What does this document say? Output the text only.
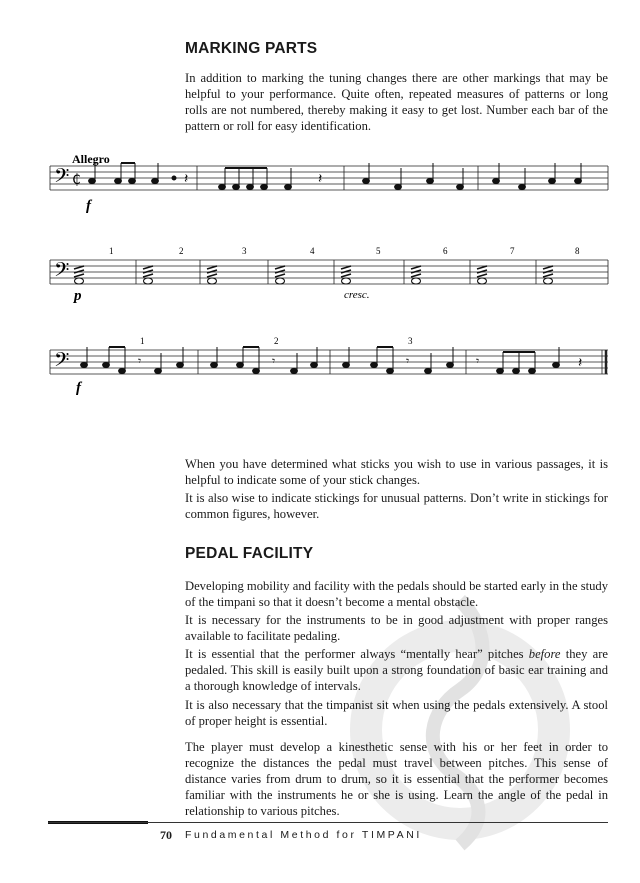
MARKING PARTS

In addition to marking the tuning changes there are other markings that may be helpful to your performance. Quite often, repeated measures of patterns or long rolls are not numbered, thereby making it easy to get lost. Number each bar of the pattern or roll for easy identification.

𝄢 ₵	𝄽	𝄽
𝄢
𝄢	𝄾	𝄾	𝄾	𝄾	𝄽
Allegro
f
p	cresc.
f
1	2	3	4	5	6	7	8
1	2	3

When you have determined what sticks you wish to use in various passages, it is helpful to indicate some of your stick changes.

It is also wise to indicate stickings for unusual patterns. Don’t write in stickings for common figures, however.

PEDAL FACILITY

Developing mobility and facility with the pedals should be started early in the study of the timpani so that it doesn’t become a mental obstacle.

It is necessary for the instruments to be in good adjustment with proper ranges available to facilitate pedaling.

It is essential that the performer always “mentally hear” pitches before they are pedaled. This skill is easily built upon a strong foundation of basic ear training and a thorough knowledge of intervals.

It is also necessary that the timpanist sit when using the pedals extensively. A stool of proper height is essential.

The player must develop a kinesthetic sense with his or her feet in order to recognize the distances the pedal must travel between pitches. This sense of distance varies from drum to drum, so it is essential that the performer becomes familiar with the instruments he or she is using. Learn the angle of the pedal in relationship to various pitches.

70 Fundamental Method for TIMPANI
